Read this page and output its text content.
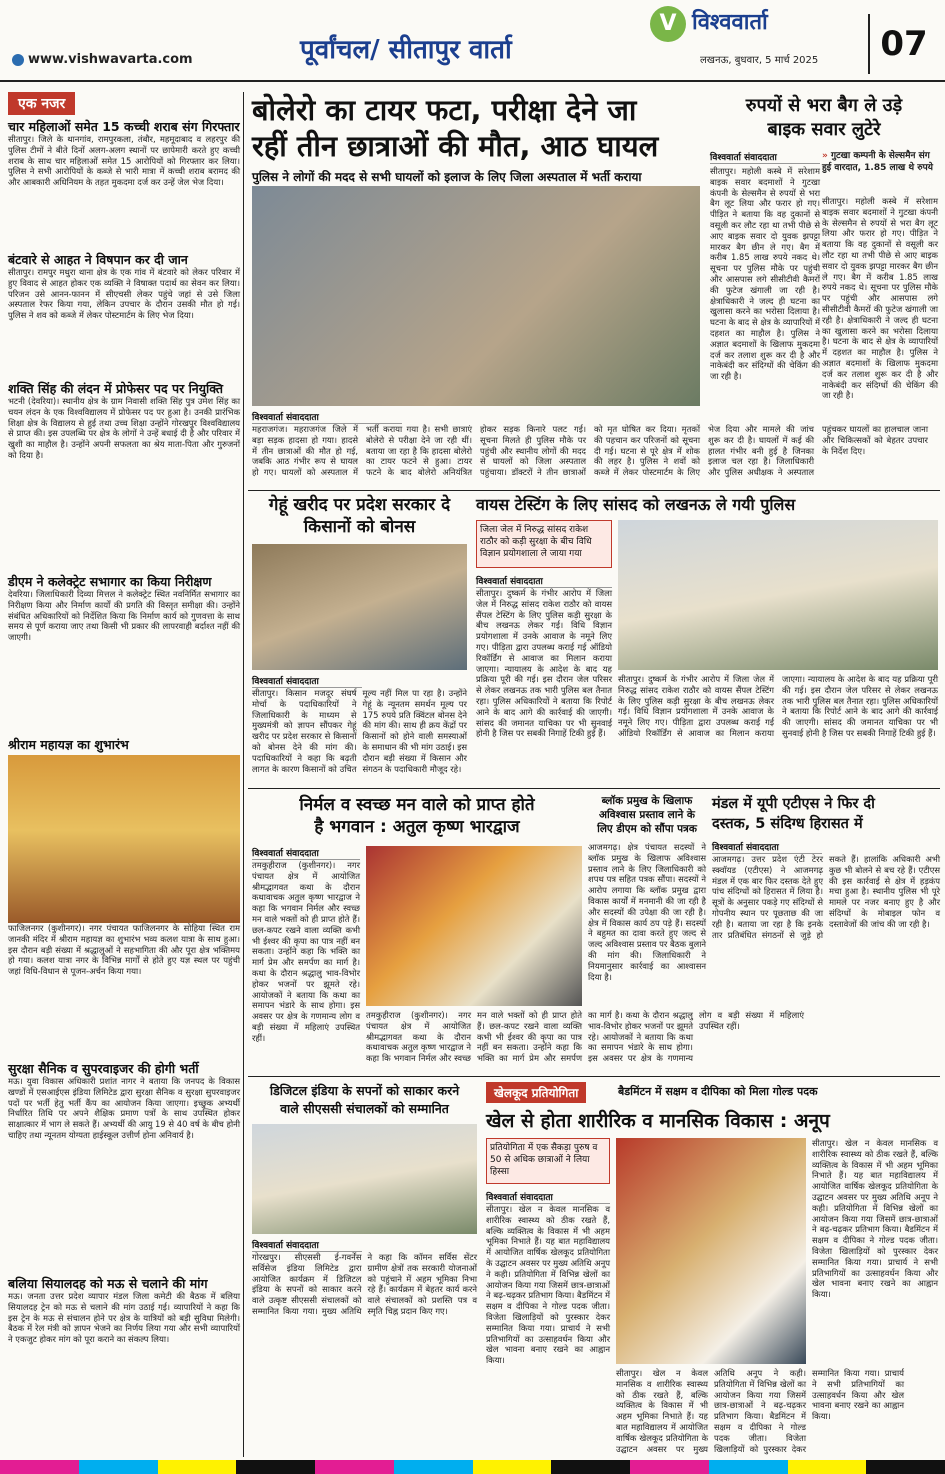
www.vishwavarta.com	पूर्वांचल/ सीतापुर वार्ता
V विश्ववार्ता
लखनऊ, बुधवार, 5 मार्च 2025	07
एक नजर
चार महिलाओं समेत 15 कच्ची शराब संग गिरफ्तार
सीतापुर। जिले के थानगांव, रामपुरकला, तंबौर, महमूदाबाद व लहरपुर की पुलिस टीमों ने बीते दिनों अलग-अलग स्थानों पर छापेमारी करते हुए कच्ची शराब के साथ चार महिलाओं समेत 15 आरोपियों को गिरफ्तार कर लिया। पुलिस ने सभी आरोपियों के कब्जे से भारी मात्रा में कच्ची शराब बरामद की और आबकारी अधिनियम के तहत मुकदमा दर्ज कर उन्हें जेल भेज दिया।
बंटवारे से आहत ने विषपान कर दी जान
सीतापुर। रामपुर मथुरा थाना क्षेत्र के एक गांव में बंटवारे को लेकर परिवार में हुए विवाद से आहत होकर एक व्यक्ति ने विषाक्त पदार्थ का सेवन कर लिया। परिजन उसे आनन-फानन में सीएचसी लेकर पहुंचे जहां से उसे जिला अस्पताल रेफर किया गया, लेकिन उपचार के दौरान उसकी मौत हो गई। पुलिस ने शव को कब्जे में लेकर पोस्टमार्टम के लिए भेज दिया।
शक्ति सिंह की लंदन में प्रोफेसर पद पर नियुक्ति
भटनी (देवरिया)। स्थानीय क्षेत्र के ग्राम निवासी शक्ति सिंह पुत्र उमेश सिंह का चयन लंदन के एक विश्वविद्यालय में प्रोफेसर पद पर हुआ है। उनकी प्रारंभिक शिक्षा क्षेत्र के विद्यालय से हुई तथा उच्च शिक्षा उन्होंने गोरखपुर विश्वविद्यालय से प्राप्त की। इस उपलब्धि पर क्षेत्र के लोगों ने उन्हें बधाई दी है और परिवार में खुशी का माहौल है। उन्होंने अपनी सफलता का श्रेय माता-पिता और गुरुजनों को दिया है।
डीएम ने कलेक्ट्रेट सभागार का किया निरीक्षण
देवरिया। जिलाधिकारी दिव्या मित्तल ने कलेक्ट्रेट स्थित नवनिर्मित सभागार का निरीक्षण किया और निर्माण कार्यों की प्रगति की विस्तृत समीक्षा की। उन्होंने संबंधित अधिकारियों को निर्देशित किया कि निर्माण कार्य को गुणवत्ता के साथ समय से पूर्ण कराया जाए तथा किसी भी प्रकार की लापरवाही बर्दाश्त नहीं की जाएगी।
श्रीराम महायज्ञ का शुभारंभ
फाजिलनगर (कुशीनगर)। नगर पंचायत फाजिलनगर के सोहिया स्थित राम जानकी मंदिर में श्रीराम महायज्ञ का शुभारंभ भव्य कलश यात्रा के साथ हुआ। इस दौरान बड़ी संख्या में श्रद्धालुओं ने सहभागिता की और पूरा क्षेत्र भक्तिमय हो गया। कलश यात्रा नगर के विभिन्न मार्गों से होते हुए यज्ञ स्थल पर पहुंची जहां विधि-विधान से पूजन-अर्चन किया गया।
सुरक्षा सैनिक व सुपरवाइजर की होगी भर्ती
मऊ। युवा विकास अधिकारी प्रशांत नागर ने बताया कि जनपद के विकास खण्डों में एसआईएस इंडिया लिमिटेड द्वारा सुरक्षा सैनिक व सुरक्षा सुपरवाइजर पदों पर भर्ती हेतु भर्ती कैंप का आयोजन किया जाएगा। इच्छुक अभ्यर्थी निर्धारित तिथि पर अपने शैक्षिक प्रमाण पत्रों के साथ उपस्थित होकर साक्षात्कार में भाग ले सकते हैं। अभ्यर्थी की आयु 19 से 40 वर्ष के बीच होनी चाहिए तथा न्यूनतम योग्यता हाईस्कूल उत्तीर्ण होना अनिवार्य है।
बलिया सियालदह को मऊ से चलाने की मांग
मऊ। जनता उत्तर प्रदेश व्यापार मंडल जिला कमेटी की बैठक में बलिया सियालदह ट्रेन को मऊ से चलाने की मांग उठाई गई। व्यापारियों ने कहा कि इस ट्रेन के मऊ से संचालन होने पर क्षेत्र के यात्रियों को बड़ी सुविधा मिलेगी। बैठक में रेल मंत्री को ज्ञापन भेजने का निर्णय लिया गया और सभी व्यापारियों ने एकजुट होकर मांग को पूरा कराने का संकल्प लिया।
बोलेरो का टायर फटा, परीक्षा देने जा
रहीं तीन छात्राओं की मौत, आठ घायल
पुलिस ने लोगों की मदद से सभी घायलों को इलाज के लिए जिला अस्पताल में भर्ती कराया
विश्ववार्ता संवाददाता
महराजगंज। महराजगंज जिले में बड़ा सड़क हादसा हो गया। हादसे में तीन छात्राओं की मौत हो गई, जबकि आठ गंभीर रूप से घायल हो गए। घायलों को अस्पताल में भर्ती कराया गया है। सभी छात्राएं बोलेरो से परीक्षा देने जा रही थीं। बताया जा रहा है कि हादसा बोलेरो का टायर फटने से हुआ। टायर फटने के बाद बोलेरो अनियंत्रित होकर सड़क किनारे पलट गई। सूचना मिलते ही पुलिस मौके पर पहुंची और स्थानीय लोगों की मदद से घायलों को जिला अस्पताल पहुंचाया। डॉक्टरों ने तीन छात्राओं को मृत घोषित कर दिया। मृतकों की पहचान कर परिजनों को सूचना दी गई। घटना से पूरे क्षेत्र में शोक की लहर है। पुलिस ने शवों को कब्जे में लेकर पोस्टमार्टम के लिए भेज दिया और मामले की जांच शुरू कर दी है। घायलों में कई की हालत गंभीर बनी हुई है जिनका इलाज चल रहा है। जिलाधिकारी और पुलिस अधीक्षक ने अस्पताल पहुंचकर घायलों का हालचाल जाना और चिकित्सकों को बेहतर उपचार के निर्देश दिए।
रुपयों से भरा बैग ले उड़े
बाइक सवार लुटेरे
विश्ववार्ता संवाददाता	» गुटखा कम्पनी के सेल्समैन संग हुई वारदात, 1.85 लाख थे रुपये
सीतापुर। महोली कस्बे में सरेशाम बाइक सवार बदमाशों ने गुटखा कंपनी के सेल्समैन से रुपयों से भरा बैग लूट लिया और फरार हो गए। पीड़ित ने बताया कि वह दुकानों से वसूली कर लौट रहा था तभी पीछे से आए बाइक सवार दो युवक झपट्टा मारकर बैग छीन ले गए। बैग में करीब 1.85 लाख रुपये नकद थे। सूचना पर पुलिस मौके पर पहुंची और आसपास लगे सीसीटीवी कैमरों की फुटेज खंगाली जा रही है। क्षेत्राधिकारी ने जल्द ही घटना का खुलासा करने का भरोसा दिलाया है। घटना के बाद से क्षेत्र के व्यापारियों में दहशत का माहौल है। पुलिस ने अज्ञात बदमाशों के खिलाफ मुकदमा दर्ज कर तलाश शुरू कर दी है और नाकेबंदी कर संदिग्धों की चेकिंग की जा रही है।
सीतापुर। महोली कस्बे में सरेशाम बाइक सवार बदमाशों ने गुटखा कंपनी के सेल्समैन से रुपयों से भरा बैग लूट लिया और फरार हो गए। पीड़ित ने बताया कि वह दुकानों से वसूली कर लौट रहा था तभी पीछे से आए बाइक सवार दो युवक झपट्टा मारकर बैग छीन ले गए। बैग में करीब 1.85 लाख रुपये नकद थे। सूचना पर पुलिस मौके पर पहुंची और आसपास लगे सीसीटीवी कैमरों की फुटेज खंगाली जा रही है। क्षेत्राधिकारी ने जल्द ही घटना का खुलासा करने का भरोसा दिलाया है। घटना के बाद से क्षेत्र के व्यापारियों में दहशत का माहौल है। पुलिस ने अज्ञात बदमाशों के खिलाफ मुकदमा दर्ज कर तलाश शुरू कर दी है और नाकेबंदी कर संदिग्धों की चेकिंग की जा रही है।
गेहूं खरीद पर प्रदेश सरकार दे
किसानों को बोनस
विश्ववार्ता संवाददाता
सीतापुर। किसान मजदूर संघर्ष मोर्चा के पदाधिकारियों ने जिलाधिकारी के माध्यम से मुख्यमंत्री को ज्ञापन सौंपकर गेहूं खरीद पर प्रदेश सरकार से किसानों को बोनस देने की मांग की। पदाधिकारियों ने कहा कि बढ़ती लागत के कारण किसानों को उचित मूल्य नहीं मिल पा रहा है। उन्होंने गेहूं के न्यूनतम समर्थन मूल्य पर 175 रुपये प्रति क्विंटल बोनस देने की मांग की। साथ ही क्रय केंद्रों पर किसानों को होने वाली समस्याओं के समाधान की भी मांग उठाई। इस दौरान बड़ी संख्या में किसान और संगठन के पदाधिकारी मौजूद रहे।
वायस टेस्टिंग के लिए सांसद को लखनऊ ले गयी पुलिस
जिला जेल में निरुद्ध सांसद राकेश राठौर को कड़ी सुरक्षा के बीच विधि विज्ञान प्रयोगशाला ले जाया गया
विश्ववार्ता संवाददाता
सीतापुर। दुष्कर्म के गंभीर आरोप में जिला जेल में निरुद्ध सांसद राकेश राठौर को वायस सैंपल टेस्टिंग के लिए पुलिस कड़ी सुरक्षा के बीच लखनऊ लेकर गई। विधि विज्ञान प्रयोगशाला में उनके आवाज के नमूने लिए गए। पीड़िता द्वारा उपलब्ध कराई गई ऑडियो रिकॉर्डिंग से आवाज का मिलान कराया जाएगा। न्यायालय के आदेश के बाद यह प्रक्रिया पूरी की गई। इस दौरान जेल परिसर से लेकर लखनऊ तक भारी पुलिस बल तैनात रहा। पुलिस अधिकारियों ने बताया कि रिपोर्ट आने के बाद आगे की कार्रवाई की जाएगी। सांसद की जमानत याचिका पर भी सुनवाई होनी है जिस पर सबकी निगाहें टिकी हुई हैं।
सीतापुर। दुष्कर्म के गंभीर आरोप में जिला जेल में निरुद्ध सांसद राकेश राठौर को वायस सैंपल टेस्टिंग के लिए पुलिस कड़ी सुरक्षा के बीच लखनऊ लेकर गई। विधि विज्ञान प्रयोगशाला में उनके आवाज के नमूने लिए गए। पीड़िता द्वारा उपलब्ध कराई गई ऑडियो रिकॉर्डिंग से आवाज का मिलान कराया जाएगा। न्यायालय के आदेश के बाद यह प्रक्रिया पूरी की गई। इस दौरान जेल परिसर से लेकर लखनऊ तक भारी पुलिस बल तैनात रहा। पुलिस अधिकारियों ने बताया कि रिपोर्ट आने के बाद आगे की कार्रवाई की जाएगी। सांसद की जमानत याचिका पर भी सुनवाई होनी है जिस पर सबकी निगाहें टिकी हुई हैं।
निर्मल व स्वच्छ मन वाले को प्राप्त होते
है भगवान : अतुल कृष्ण भारद्वाज
विश्ववार्ता संवाददाता
तमकुहीराज (कुशीनगर)। नगर पंचायत क्षेत्र में आयोजित श्रीमद्भागवत कथा के दौरान कथावाचक अतुल कृष्ण भारद्वाज ने कहा कि भगवान निर्मल और स्वच्छ मन वाले भक्तों को ही प्राप्त होते हैं। छल-कपट रखने वाला व्यक्ति कभी भी ईश्वर की कृपा का पात्र नहीं बन सकता। उन्होंने कहा कि भक्ति का मार्ग प्रेम और समर्पण का मार्ग है। कथा के दौरान श्रद्धालु भाव-विभोर होकर भजनों पर झूमते रहे। आयोजकों ने बताया कि कथा का समापन भंडारे के साथ होगा। इस अवसर पर क्षेत्र के गणमान्य लोग व बड़ी संख्या में महिलाएं उपस्थित रहीं।
तमकुहीराज (कुशीनगर)। नगर पंचायत क्षेत्र में आयोजित श्रीमद्भागवत कथा के दौरान कथावाचक अतुल कृष्ण भारद्वाज ने कहा कि भगवान निर्मल और स्वच्छ मन वाले भक्तों को ही प्राप्त होते हैं। छल-कपट रखने वाला व्यक्ति कभी भी ईश्वर की कृपा का पात्र नहीं बन सकता। उन्होंने कहा कि भक्ति का मार्ग प्रेम और समर्पण का मार्ग है। कथा के दौरान श्रद्धालु भाव-विभोर होकर भजनों पर झूमते रहे। आयोजकों ने बताया कि कथा का समापन भंडारे के साथ होगा। इस अवसर पर क्षेत्र के गणमान्य लोग व बड़ी संख्या में महिलाएं उपस्थित रहीं।
ब्लॉक प्रमुख के खिलाफ
अविश्वास प्रस्ताव लाने के
लिए डीएम को सौंपा पत्रक
आजमगढ़। क्षेत्र पंचायत सदस्यों ने ब्लॉक प्रमुख के खिलाफ अविश्वास प्रस्ताव लाने के लिए जिलाधिकारी को शपथ पत्र सहित पत्रक सौंपा। सदस्यों ने आरोप लगाया कि ब्लॉक प्रमुख द्वारा विकास कार्यों में मनमानी की जा रही है और सदस्यों की उपेक्षा की जा रही है। क्षेत्र में विकास कार्य ठप पड़े हैं। सदस्यों ने बहुमत का दावा करते हुए जल्द से जल्द अविश्वास प्रस्ताव पर बैठक बुलाने की मांग की। जिलाधिकारी ने नियमानुसार कार्रवाई का आश्वासन दिया है।
मंडल में यूपी एटीएस ने फिर दी
दस्तक, 5 संदिग्ध हिरासत में
विश्ववार्ता संवाददाता
आजमगढ़। उत्तर प्रदेश एंटी टेरर स्क्वॉयड (एटीएस) ने आजमगढ़ मंडल में एक बार फिर दस्तक देते हुए पांच संदिग्धों को हिरासत में लिया है। सूत्रों के अनुसार पकड़े गए संदिग्धों से गोपनीय स्थान पर पूछताछ की जा रही है। बताया जा रहा है कि इनके तार प्रतिबंधित संगठनों से जुड़े हो सकते हैं। हालांकि अधिकारी अभी कुछ भी बोलने से बच रहे हैं। एटीएस की इस कार्रवाई से क्षेत्र में हड़कंप मचा हुआ है। स्थानीय पुलिस भी पूरे मामले पर नजर बनाए हुए है और संदिग्धों के मोबाइल फोन व दस्तावेजों की जांच की जा रही है।
डिजिटल इंडिया के सपनों को साकार करने
वाले सीएससी संचालकों को सम्मानित
विश्ववार्ता संवाददाता
गोरखपुर। सीएससी ई-गवर्नेंस सर्विसेज इंडिया लिमिटेड द्वारा आयोजित कार्यक्रम में डिजिटल इंडिया के सपनों को साकार करने वाले उत्कृष्ट सीएससी संचालकों को सम्मानित किया गया। मुख्य अतिथि ने कहा कि कॉमन सर्विस सेंटर ग्रामीण क्षेत्रों तक सरकारी योजनाओं को पहुंचाने में अहम भूमिका निभा रहे हैं। कार्यक्रम में बेहतर कार्य करने वाले संचालकों को प्रशस्ति पत्र व स्मृति चिह्न प्रदान किए गए।
खेलकूद प्रतियोगिता	बैडमिंटन में सक्षम व दीपिका को मिला गोल्ड पदक
खेल से होता शारीरिक व मानसिक विकास : अनूप
प्रतियोगिता में एक सैकड़ा पुरुष व 50 से अधिक छात्राओं ने लिया हिस्सा
विश्ववार्ता संवाददाता
सीतापुर। खेल न केवल मानसिक व शारीरिक स्वास्थ्य को ठीक रखते हैं, बल्कि व्यक्तित्व के विकास में भी अहम भूमिका निभाते हैं। यह बात महाविद्यालय में आयोजित वार्षिक खेलकूद प्रतियोगिता के उद्घाटन अवसर पर मुख्य अतिथि अनूप ने कही। प्रतियोगिता में विभिन्न खेलों का आयोजन किया गया जिसमें छात्र-छात्राओं ने बढ़-चढ़कर प्रतिभाग किया। बैडमिंटन में सक्षम व दीपिका ने गोल्ड पदक जीता। विजेता खिलाड़ियों को पुरस्कार देकर सम्मानित किया गया। प्राचार्य ने सभी प्रतिभागियों का उत्साहवर्धन किया और खेल भावना बनाए रखने का आह्वान किया।
सीतापुर। खेल न केवल मानसिक व शारीरिक स्वास्थ्य को ठीक रखते हैं, बल्कि व्यक्तित्व के विकास में भी अहम भूमिका निभाते हैं। यह बात महाविद्यालय में आयोजित वार्षिक खेलकूद प्रतियोगिता के उद्घाटन अवसर पर मुख्य अतिथि अनूप ने कही। प्रतियोगिता में विभिन्न खेलों का आयोजन किया गया जिसमें छात्र-छात्राओं ने बढ़-चढ़कर प्रतिभाग किया। बैडमिंटन में सक्षम व दीपिका ने गोल्ड पदक जीता। विजेता खिलाड़ियों को पुरस्कार देकर सम्मानित किया गया। प्राचार्य ने सभी प्रतिभागियों का उत्साहवर्धन किया और खेल भावना बनाए रखने का आह्वान किया।
सीतापुर। खेल न केवल मानसिक व शारीरिक स्वास्थ्य को ठीक रखते हैं, बल्कि व्यक्तित्व के विकास में भी अहम भूमिका निभाते हैं। यह बात महाविद्यालय में आयोजित वार्षिक खेलकूद प्रतियोगिता के उद्घाटन अवसर पर मुख्य अतिथि अनूप ने कही। प्रतियोगिता में विभिन्न खेलों का आयोजन किया गया जिसमें छात्र-छात्राओं ने बढ़-चढ़कर प्रतिभाग किया। बैडमिंटन में सक्षम व दीपिका ने गोल्ड पदक जीता। विजेता खिलाड़ियों को पुरस्कार देकर सम्मानित किया गया। प्राचार्य ने सभी प्रतिभागियों का उत्साहवर्धन किया और खेल भावना बनाए रखने का आह्वान किया।
